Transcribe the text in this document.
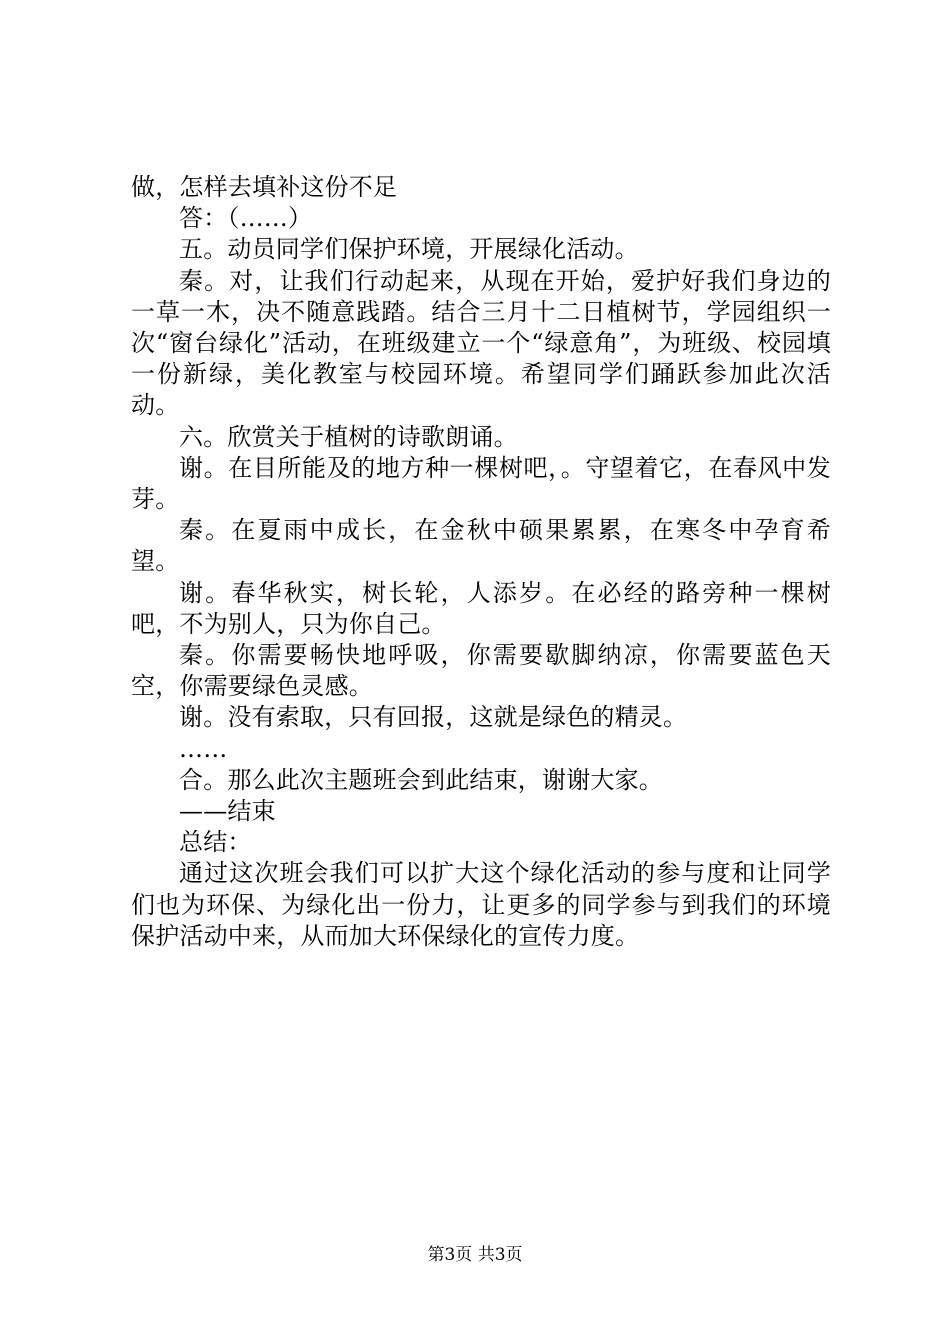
做，怎样去填补这份不足

答：（……）

五。动员同学们保护环境，开展绿化活动。

秦。对，让我们行动起来，从现在开始，爱护好我们身边的一草一木，决不随意践踏。结合三月十二日植树节，学园组织一次“窗台绿化”活动，在班级建立一个“绿意角”，为班级、校园填一份新绿，美化教室与校园环境。希望同学们踊跃参加此次活动。

六。欣赏关于植树的诗歌朗诵。

谢。在目所能及的地方种一棵树吧，。守望着它，在春风中发芽。

秦。在夏雨中成长，在金秋中硕果累累，在寒冬中孕育希望。

谢。春华秋实，树长轮，人添岁。在必经的路旁种一棵树吧，不为别人，只为你自己。

秦。你需要畅快地呼吸，你需要歇脚纳凉，你需要蓝色天空，你需要绿色灵感。

谢。没有索取，只有回报，这就是绿色的精灵。

……

合。那么此次主题班会到此结束，谢谢大家。

——结束

总结：

通过这次班会我们可以扩大这个绿化活动的参与度和让同学们也为环保、为绿化出一份力，让更多的同学参与到我们的环境保护活动中来，从而加大环保绿化的宣传力度。

第3页 共3页
